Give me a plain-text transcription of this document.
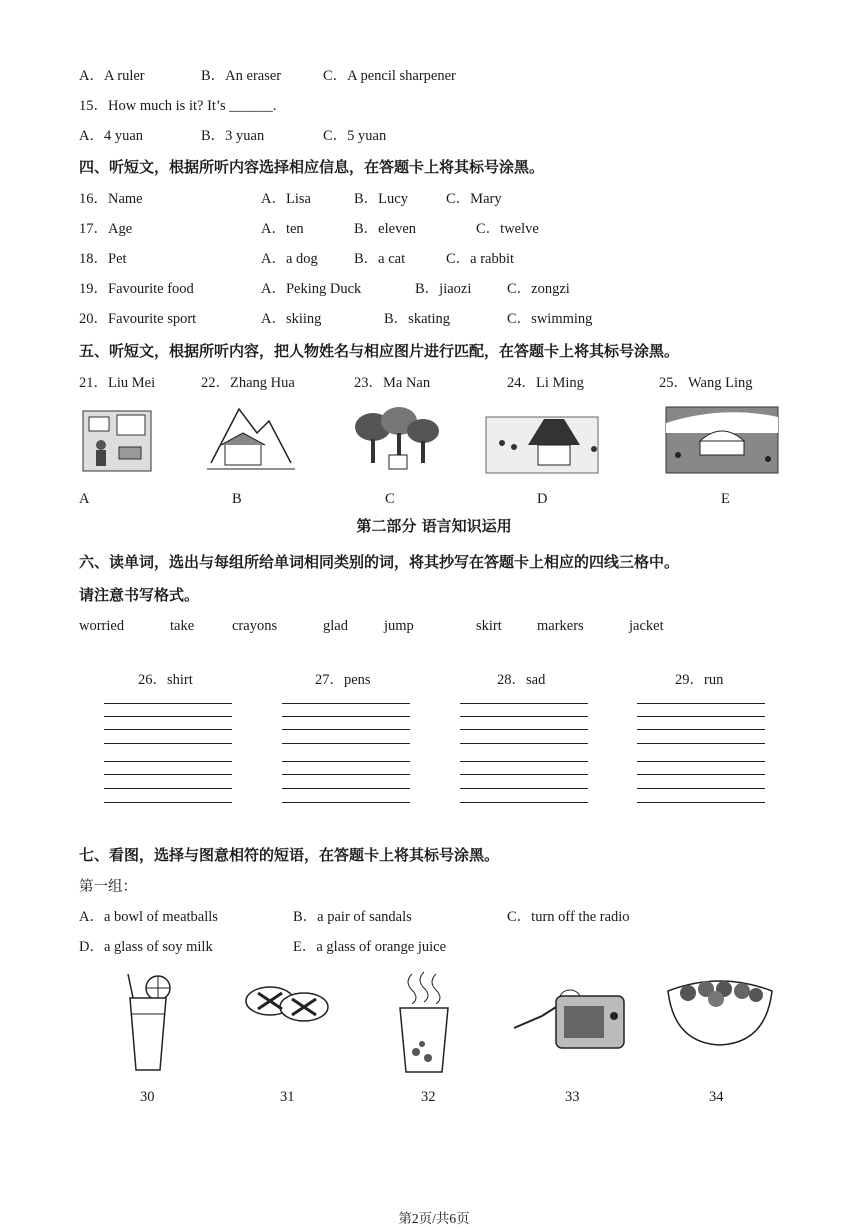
A．A ruler	B．An eraser	C．A pencil sharpener
15．How much is it? It’s ______.
A．4 yuan	B．3 yuan	C．5 yuan
四、听短文，根据所听内容选择相应信息，在答题卡上将其标号涂黑。
16．Name	A．Lisa	B．Lucy	C．Mary
17．Age	A．ten	B．eleven	C．twelve
18．Pet	A．a dog B．a cat	C．a rabbit
19．Favourite food	A．Peking Duck	B．jiaozi C．zongzi
20．Favourite sport	A．skiing	B．skating	C．swimming
五、听短文，根据所听内容，把人物姓名与相应图片进行匹配，在答题卡上将其标号涂黑。
21．Liu Mei	22．Zhang Hua	23．Ma Nan	24．Li Ming	25．Wang Ling
A	B	C	D	E
第二部分 语言知识运用
六、读单词，选出与每组所给单词相同类别的词，将其抄写在答题卡上相应的四线三格中。
请注意书写格式。
worried	take	crayons	glad jump	skirt markers	jacket
26．shirt	27．pens	28．sad	29．run
七、看图，选择与图意相符的短语，在答题卡上将其标号涂黑。
第一组：
A．a bowl of meatballs	B．a pair of sandals	C．turn off the radio
D．a glass of soy milk	E．a glass of orange juice
30	31	32	33	34
第2页/共6页
